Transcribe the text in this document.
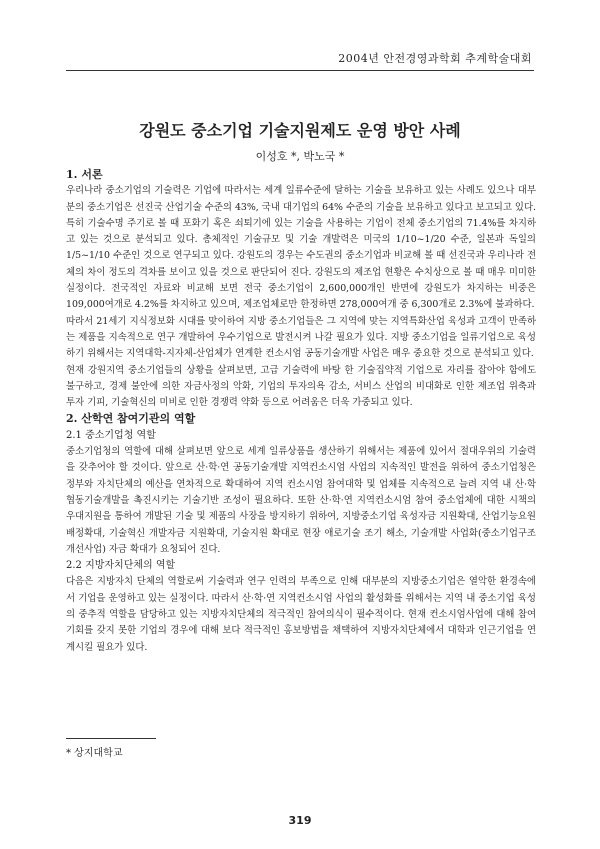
2004년 안전경영과학회 추계학술대회
강원도 중소기업 기술지원제도 운영 방안 사례
이성호 *, 박노국 *

1. 서론

우리나라 중소기업의 기술력은 기업에 따라서는 세계 일류수준에 달하는 기술을 보유하고 있는 사례도 있으나 대부분의 중소기업은 선진국 산업기술 수준의 43%, 국내 대기업의 64% 수준의 기술을 보유하고 있다고 보고되고 있다. 특히 기술수명 주기로 볼 때 포화기 혹은 쇠퇴기에 있는 기술을 사용하는 기업이 전체 중소기업의 71.4%를 차지하고 있는 것으로 분석되고 있다. 총체적인 기술규모 및 기술 개발력은 미국의 1/10~1/20 수준, 일본과 독일의 1/5~1/10 수준인 것으로 연구되고 있다. 강원도의 경우는 수도권의 중소기업과 비교해 볼 때 선진국과 우리나라 전체의 차이 정도의 격차를 보이고 있을 것으로 판단되어 진다. 강원도의 제조업 현황은 수치상으로 볼 때 매우 미미한 실정이다. 전국적인 자료와 비교해 보면 전국 중소기업이 2,600,000개인 반면에 강원도가 차지하는 비중은 109,000여개로 4.2%를 차지하고 있으며, 제조업체로만 한정하면 278,000여개 중 6,300개로 2.3%에 불과하다.

따라서 21세기 지식정보화 시대를 맞이하여 지방 중소기업들은 그 지역에 맞는 지역특화산업 육성과 고객이 만족하는 제품을 지속적으로 연구 개발하여 우수기업으로 발전시켜 나갈 필요가 있다. 지방 중소기업을 일류기업으로 육성하기 위해서는 지역대학-지자체-산업체가 연계한 컨소시엄 공동기술개발 사업은 매우 중요한 것으로 분석되고 있다.

현재 강원지역 중소기업들의 상황을 살펴보면, 고급 기술력에 바탕 한 기술집약적 기업으로 자리를 잡아야 함에도 불구하고, 경제 불안에 의한 자금사정의 악화, 기업의 투자의욕 감소, 서비스 산업의 비대화로 인한 제조업 위축과 투자 기피, 기술혁신의 미비로 인한 경쟁력 약화 등으로 어려움은 더욱 가중되고 있다.

2. 산학연 참여기관의 역할

2.1 중소기업청 역할

중소기업청의 역할에 대해 살펴보면 앞으로 세계 일류상품을 생산하기 위해서는 제품에 있어서 절대우위의 기술력을 갖추어야 할 것이다. 앞으로 산·학·연 공동기술개발 지역컨소시엄 사업의 지속적인 발전을 위하여 중소기업청은 정부와 자치단체의 예산을 연차적으로 확대하여 지역 컨소시엄 참여대학 및 업체를 지속적으로 늘려 지역 내 산·학 협동기술개발을 촉진시키는 기술기반 조성이 필요하다. 또한 산·학·연 지역컨소시엄 참여 중소업체에 대한 시책의 우대지원을 통하여 개발된 기술 및 제품의 사장을 방지하기 위하여, 지방중소기업 육성자금 지원확대, 산업기능요원 배정확대, 기술혁신 개발자금 지원확대, 기술지원 확대로 현장 애로기술 조기 해소, 기술개발 사업화(중소기업구조 개선사업) 자금 확대가 요청되어 진다.

2.2 지방자치단체의 역할

다음은 지방자치 단체의 역할로써 기술력과 연구 인력의 부족으로 인해 대부분의 지방중소기업은 열악한 환경속에서 기업을 운영하고 있는 실정이다. 따라서 산·학·연 지역컨소시엄 사업의 활성화를 위해서는 지역 내 중소기업 육성의 중추적 역할을 담당하고 있는 지방자치단체의 적극적인 참여의식이 필수적이다. 현재 컨소시엄사업에 대해 참여기회를 갖지 못한 기업의 경우에 대해 보다 적극적인 홍보방법을 채택하여 지방자치단체에서 대학과 인근기업을 연계시킬 필요가 있다.

* 상지대학교
319
